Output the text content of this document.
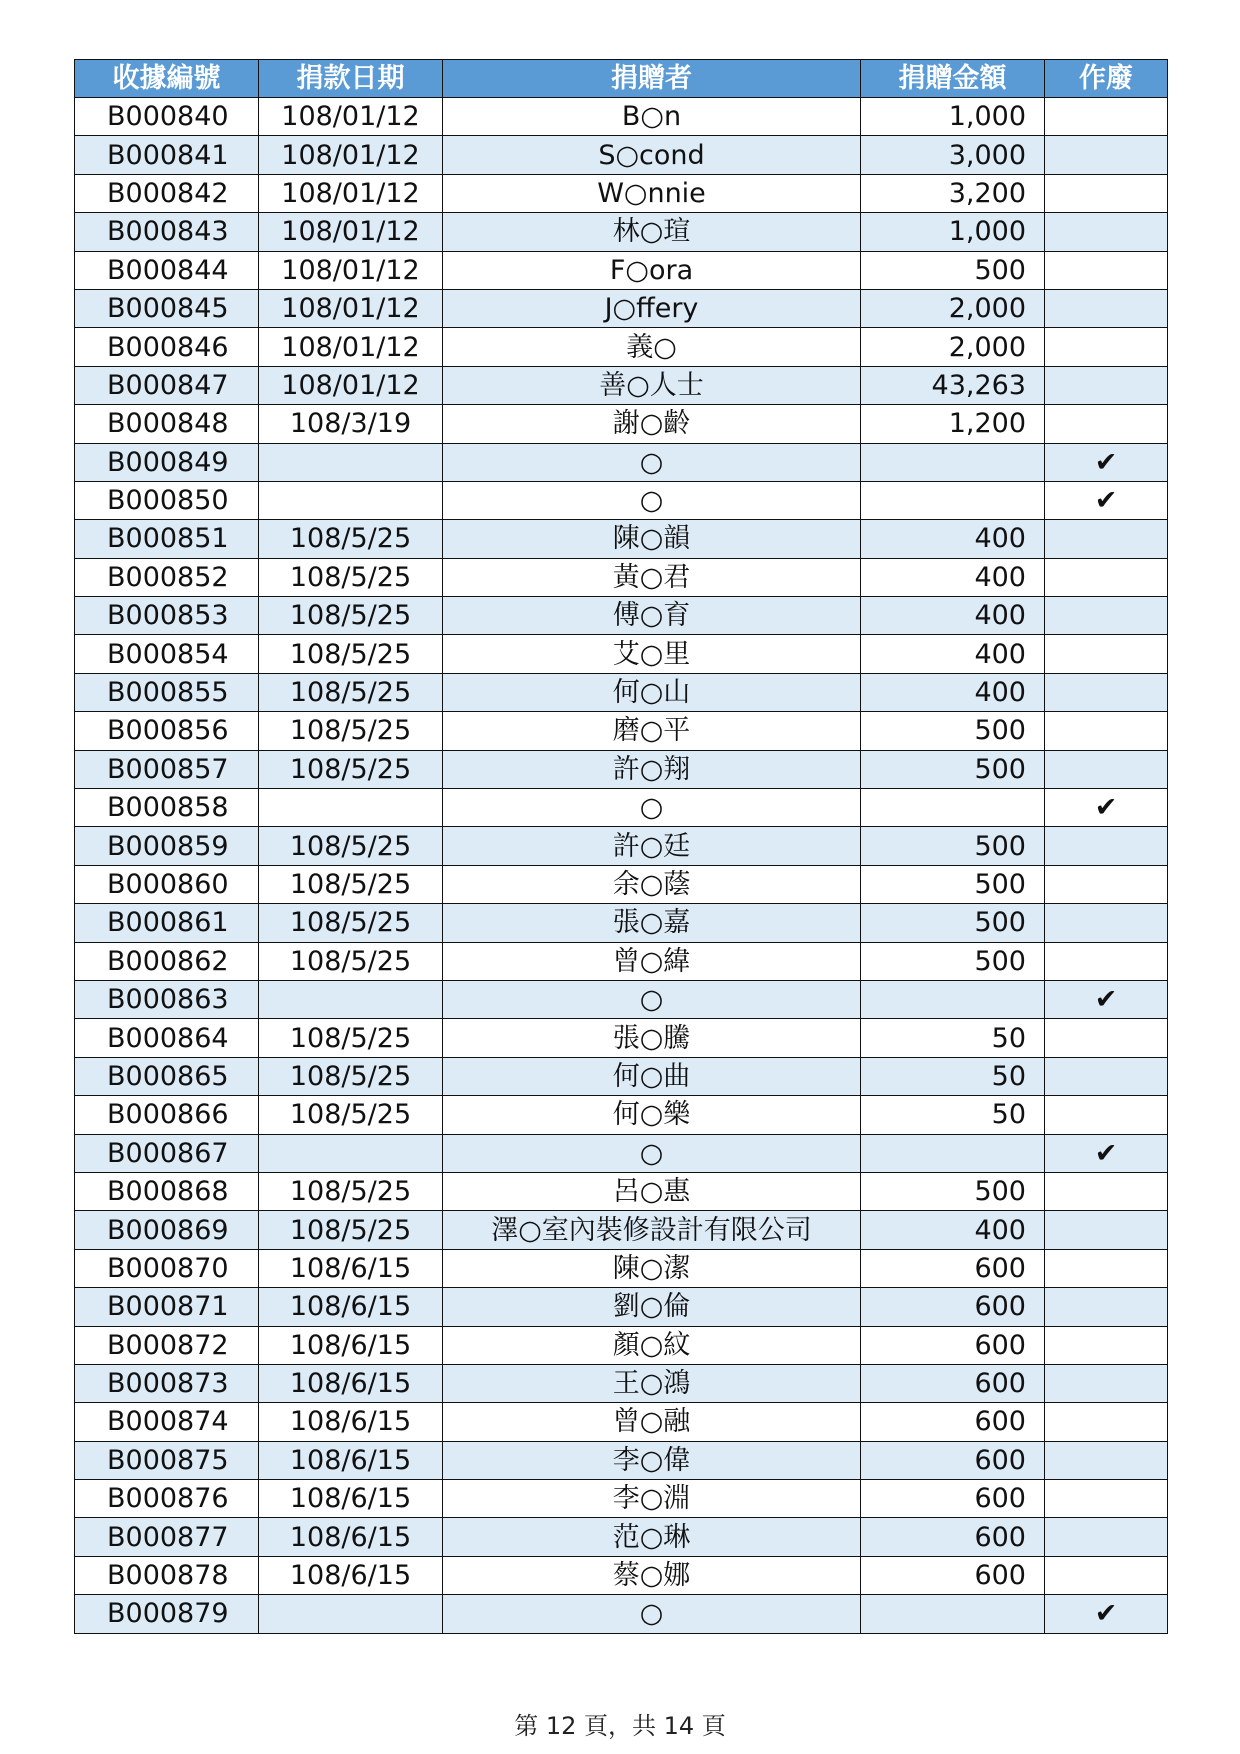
收據編號	捐款日期	捐贈者	捐贈金額	作廢
B000840	108/01/12	B○n	1,000	
B000841	108/01/12	S○cond	3,000	
B000842	108/01/12	W○nnie	3,200	
B000843	108/01/12	林○瑄	1,000	
B000844	108/01/12	F○ora	500	
B000845	108/01/12	J○ffery	2,000	
B000846	108/01/12	義○	2,000	
B000847	108/01/12	善○人士	43,263	
B000848	108/3/19	謝○齡	1,200	
B000849		○		✔
B000850		○		✔
B000851	108/5/25	陳○韻	400	
B000852	108/5/25	黃○君	400	
B000853	108/5/25	傅○育	400	
B000854	108/5/25	艾○里	400	
B000855	108/5/25	何○山	400	
B000856	108/5/25	磨○平	500	
B000857	108/5/25	許○翔	500	
B000858		○		✔
B000859	108/5/25	許○廷	500	
B000860	108/5/25	余○蔭	500	
B000861	108/5/25	張○嘉	500	
B000862	108/5/25	曾○緯	500	
B000863		○		✔
B000864	108/5/25	張○騰	50	
B000865	108/5/25	何○曲	50	
B000866	108/5/25	何○樂	50	
B000867		○		✔
B000868	108/5/25	呂○惠	500	
B000869	108/5/25	澤○室內裝修設計有限公司	400	
B000870	108/6/15	陳○潔	600	
B000871	108/6/15	劉○倫	600	
B000872	108/6/15	顏○紋	600	
B000873	108/6/15	王○鴻	600	
B000874	108/6/15	曾○融	600	
B000875	108/6/15	李○偉	600	
B000876	108/6/15	李○淵	600	
B000877	108/6/15	范○琳	600	
B000878	108/6/15	蔡○娜	600	
B000879		○		✔
第 12 頁，共 14 頁
